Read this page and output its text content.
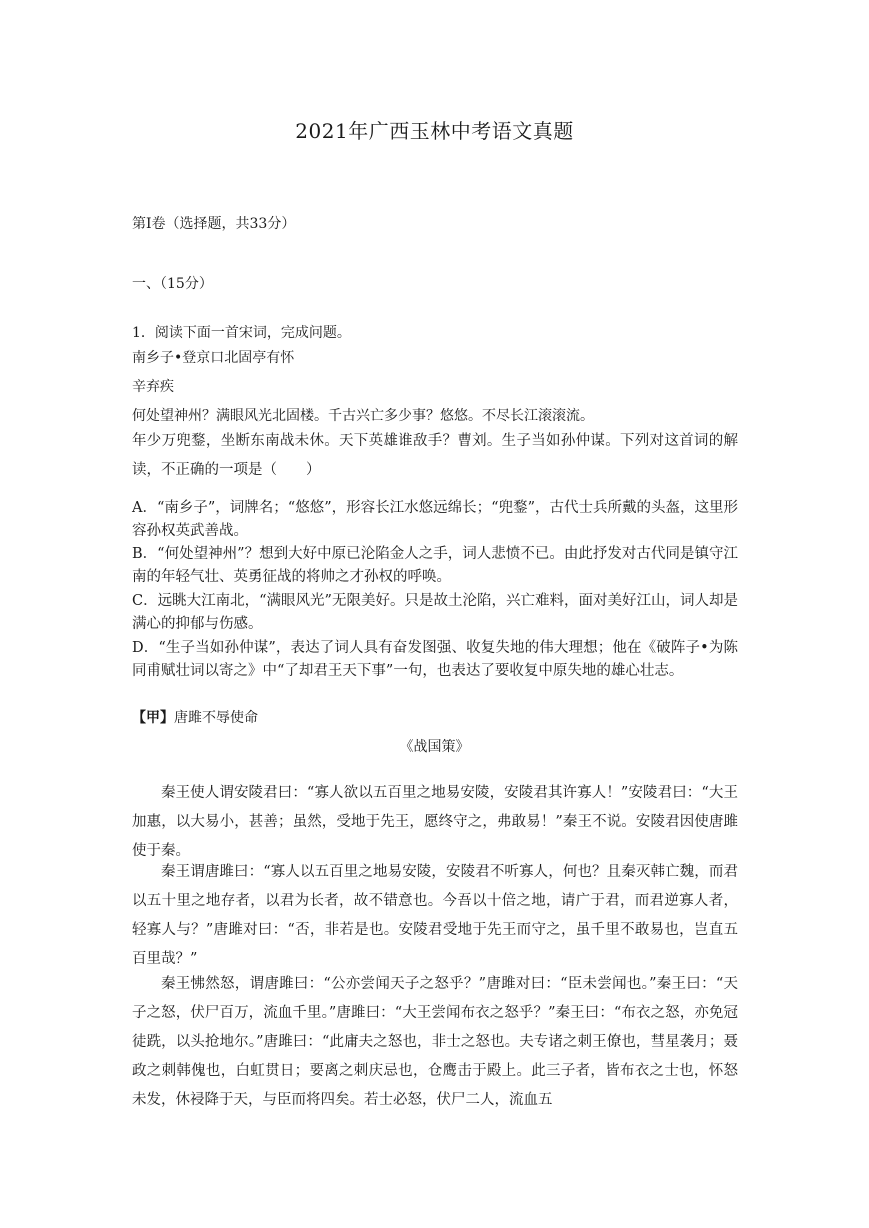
2021年广西玉林中考语文真题
第Ⅰ卷（选择题，共33分）
一、（15分）
1．阅读下面一首宋词，完成问题。
南乡子•登京口北固亭有怀
辛弃疾
何处望神州？满眼风光北固楼。千古兴亡多少事？悠悠。不尽长江滚滚流。
年少万兜鍪，坐断东南战未休。天下英雄谁敌手？曹刘。生子当如孙仲谋。下列对这首词的解读，不正确的一项是（　　）
A．“南乡子”，词牌名；“悠悠”，形容长江水悠远绵长；“兜鍪”，古代士兵所戴的头盔，这里形容孙权英武善战。
B．“何处望神州”？想到大好中原已沦陷金人之手，词人悲愤不已。由此抒发对古代同是镇守江南的年轻气壮、英勇征战的将帅之才孙权的呼唤。
C．远眺大江南北，“满眼风光”无限美好。只是故土沦陷，兴亡难料，面对美好江山，词人却是满心的抑郁与伤感。
D．“生子当如孙仲谋”，表达了词人具有奋发图强、收复失地的伟大理想；他在《破阵子•为陈同甫赋壮词以寄之》中“了却君王天下事”一句，也表达了要收复中原失地的雄心壮志。
【甲】唐雎不辱使命
《战国策》
秦王使人谓安陵君曰：“寡人欲以五百里之地易安陵，安陵君其许寡人！”安陵君曰：“大王加惠，以大易小，甚善；虽然，受地于先王，愿终守之，弗敢易！”秦王不说。安陵君因使唐雎使于秦。
秦王谓唐雎曰：“寡人以五百里之地易安陵，安陵君不听寡人，何也？且秦灭韩亡魏，而君以五十里之地存者，以君为长者，故不错意也。今吾以十倍之地，请广于君，而君逆寡人者，轻寡人与？”唐雎对曰：“否，非若是也。安陵君受地于先王而守之，虽千里不敢易也，岂直五百里哉？”
秦王怫然怒，谓唐雎曰：“公亦尝闻天子之怒乎？”唐雎对曰：“臣未尝闻也。”秦王曰：“天子之怒，伏尸百万，流血千里。”唐雎曰：“大王尝闻布衣之怒乎？”秦王曰：“布衣之怒，亦免冠徒跣，以头抢地尔。”唐雎曰：“此庸夫之怒也，非士之怒也。夫专诸之刺王僚也，彗星袭月；聂政之刺韩傀也，白虹贯日；要离之刺庆忌也，仓鹰击于殿上。此三子者，皆布衣之士也，怀怒未发，休祲降于天，与臣而将四矣。若士必怒，伏尸二人，流血五
